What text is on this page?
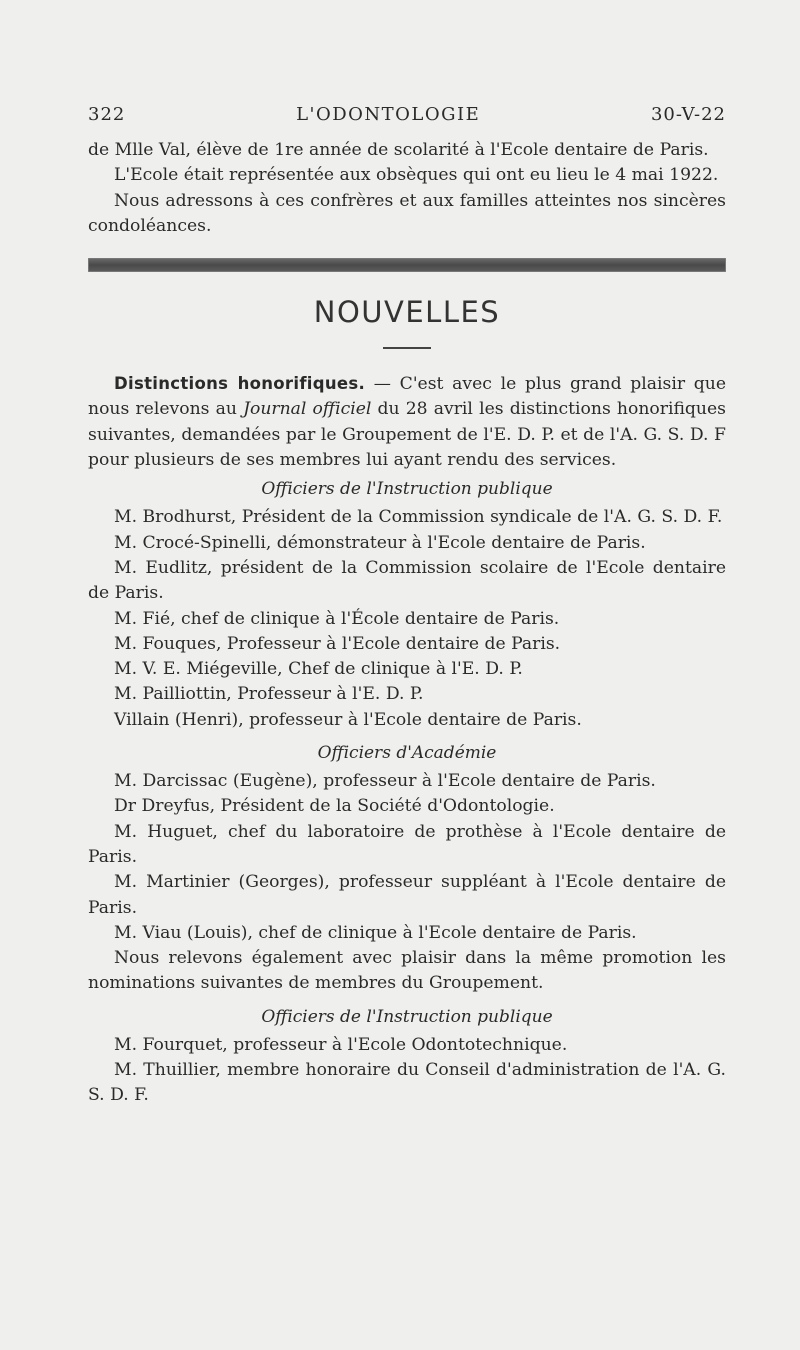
322	L'ODONTOLOGIE	30-V-22

de Mlle Val, élève de 1re année de scolarité à l'Ecole dentaire de Paris.

L'Ecole était représentée aux obsèques qui ont eu lieu le 4 mai 1922.

Nous adressons à ces confrères et aux familles atteintes nos sincères condoléances.

NOUVELLES

Distinctions honorifiques. — C'est avec le plus grand plaisir que nous relevons au Journal officiel du 28 avril les distinctions honorifiques suivantes, demandées par le Groupement de l'E. D. P. et de l'A. G. S. D. F pour plusieurs de ses membres lui ayant rendu des services.

Officiers de l'Instruction publique

M. Brodhurst, Président de la Commission syndicale de l'A. G. S. D. F.

M. Crocé-Spinelli, démonstrateur à l'Ecole dentaire de Paris.

M. Eudlitz, président de la Commission scolaire de l'Ecole dentaire de Paris.

M. Fié, chef de clinique à l'École dentaire de Paris.

M. Fouques, Professeur à l'Ecole dentaire de Paris.

M. V. E. Miégeville, Chef de clinique à l'E. D. P.

M. Pailliottin, Professeur à l'E. D. P.

Villain (Henri), professeur à l'Ecole dentaire de Paris.

Officiers d'Académie

M. Darcissac (Eugène), professeur à l'Ecole dentaire de Paris.

Dr Dreyfus, Président de la Société d'Odontologie.

M. Huguet, chef du laboratoire de prothèse à l'Ecole dentaire de Paris.

M. Martinier (Georges), professeur suppléant à l'Ecole dentaire de Paris.

M. Viau (Louis), chef de clinique à l'Ecole dentaire de Paris.

Nous relevons également avec plaisir dans la même promotion les nominations suivantes de membres du Groupement.

Officiers de l'Instruction publique

M. Fourquet, professeur à l'Ecole Odontotechnique.

M. Thuillier, membre honoraire du Conseil d'administration de l'A. G. S. D. F.
